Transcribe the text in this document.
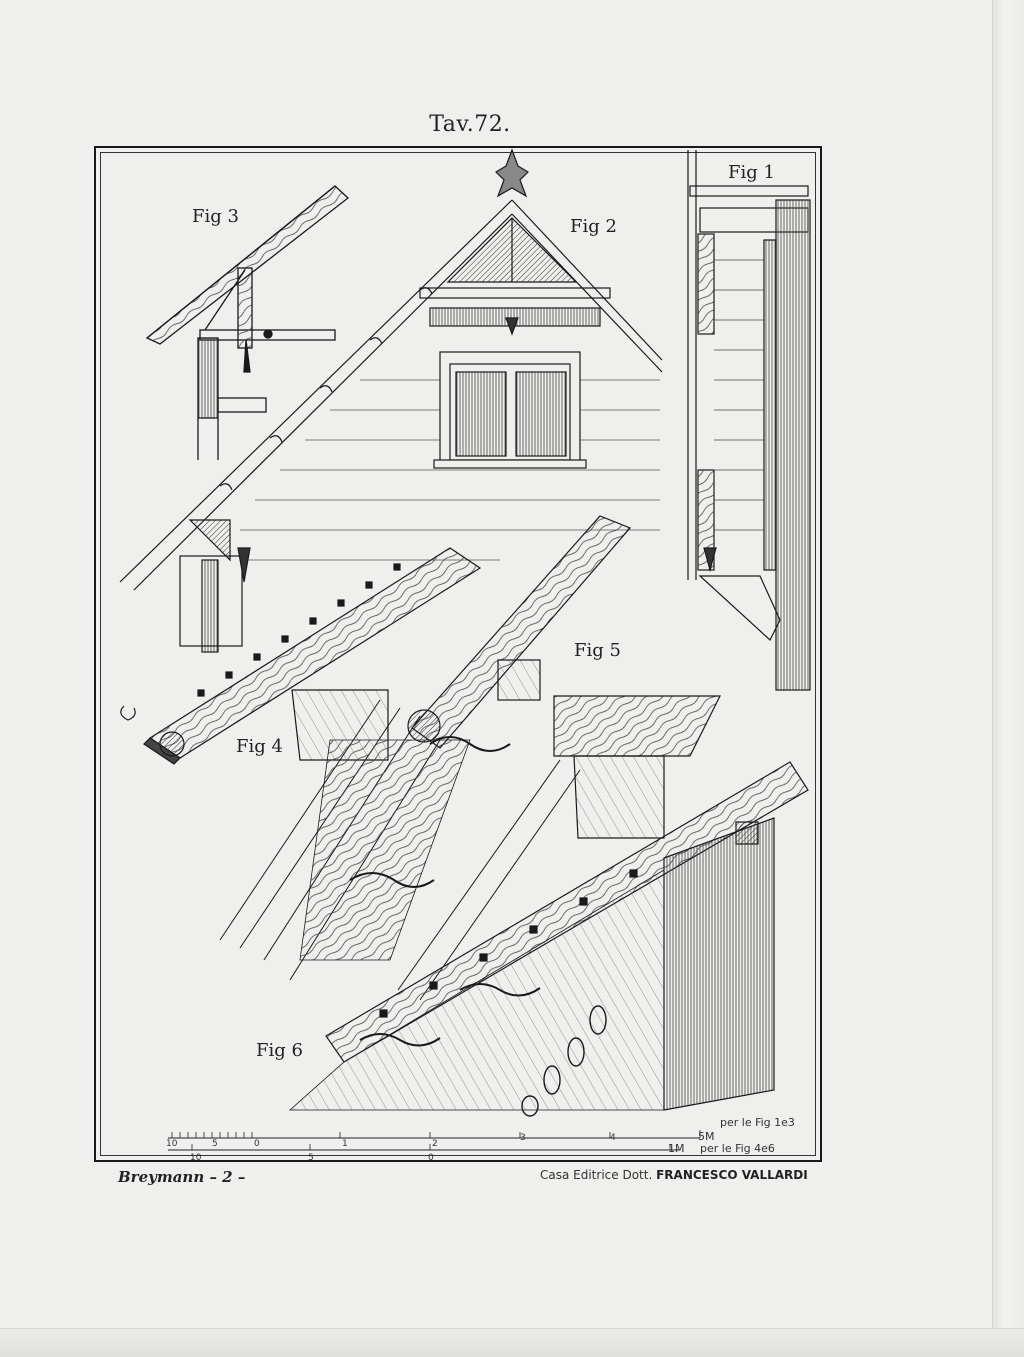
Tav.72.
Fig 3	Fig 2
Fig 1
Fig 4
Fig 5
Fig 6
10	5	0	1	2
3	4	5M
per le Fig 1e3
10	5	0
1M per le Fig 4e6
Breymann – 2 –	Casa Editrice Dott. FRANCESCO VALLARDI
